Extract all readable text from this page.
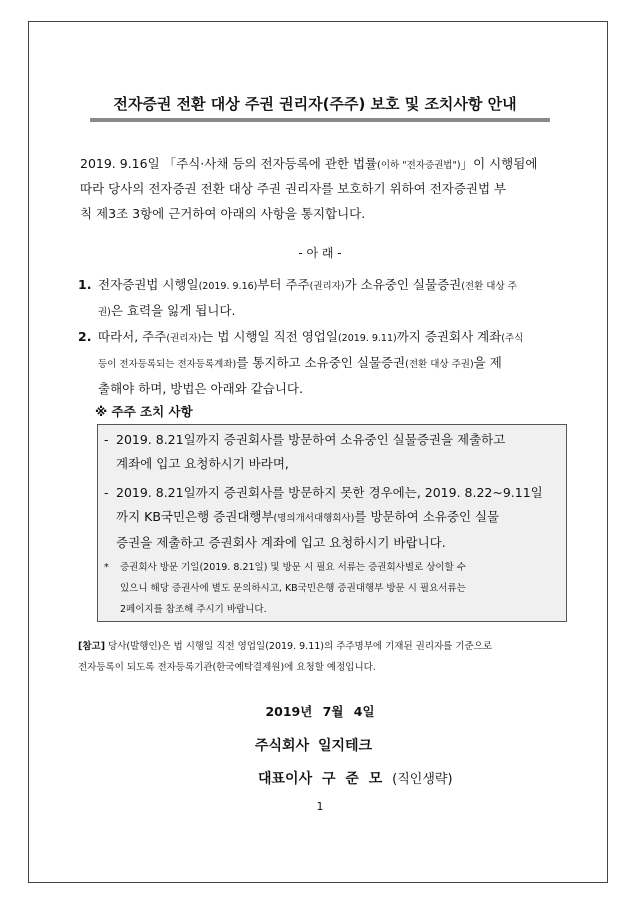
전자증권 전환 대상 주권 권리자(주주) 보호 및 조치사항 안내
2019. 9.16일 「주식·사채 등의 전자등록에 관한 법률(이하 "전자증권법")」이 시행됨에
따라 당사의 전자증권 전환 대상 주권 권리자를 보호하기 위하여 전자증권법 부
칙 제3조 3항에 근거하여 아래의 사항을 통지합니다.
- 아 래 -
1. 전자증권법 시행일(2019. 9.16)부터 주주(권리자)가 소유중인 실물증권(전환 대상 주
권)은 효력을 잃게 됩니다.
2. 따라서, 주주(권리자)는 법 시행일 직전 영업일(2019. 9.11)까지 증권회사 계좌(주식
등이 전자등록되는 전자등록계좌)를 통지하고 소유중인 실물증권(전환 대상 주권)을 제
출해야 하며, 방법은 아래와 같습니다.
※ 주주 조치 사항
- 2019. 8.21일까지 증권회사를 방문하여 소유중인 실물증권을 제출하고
계좌에 입고 요청하시기 바라며,
- 2019. 8.21일까지 증권회사를 방문하지 못한 경우에는, 2019. 8.22~9.11일
까지 KB국민은행 증권대행부(명의개서대행회사)를 방문하여 소유중인 실물
증권을 제출하고 증권회사 계좌에 입고 요청하시기 바랍니다.
* 증권회사 방문 기일(2019. 8.21일) 및 방문 시 필요 서류는 증권회사별로 상이할 수
있으니 해당 증권사에 별도 문의하시고, KB국민은행 증권대행부 방문 시 필요서류는
2페이지를 참조해 주시기 바랍니다.
[참고] 당사(발행인)은 법 시행일 직전 영업일(2019. 9.11)의 주주명부에 기재된 권리자를 기준으로
전자등록이 되도록 전자등록기관(한국예탁결제원)에 요청할 예정입니다.
2019년 7월 4일
주식회사 일지테크
대표이사 구 준 모 (직인생략)
1
